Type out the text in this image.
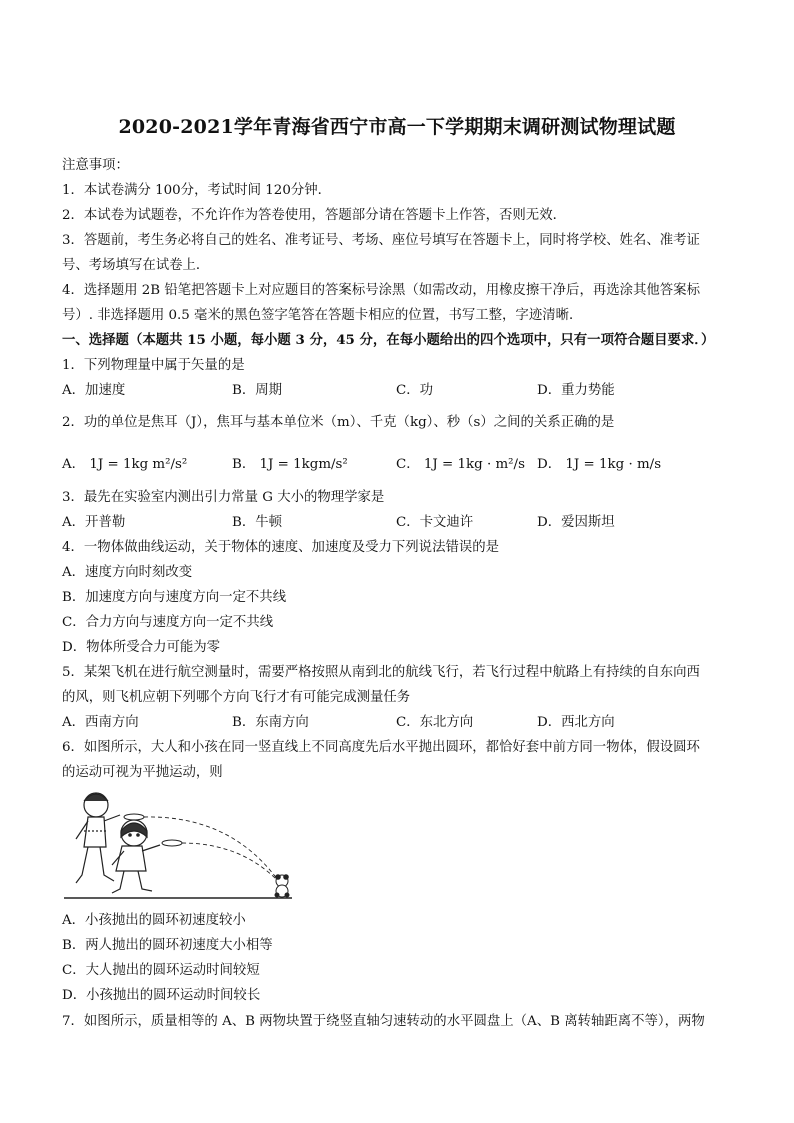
2020-2021学年青海省西宁市高一下学期期末调研测试物理试题
注意事项：
1．本试卷满分 100分，考试时间 120分钟．
2．本试卷为试题卷，不允许作为答卷使用，答题部分请在答题卡上作答，否则无效．
3．答题前，考生务必将自己的姓名、准考证号、考场、座位号填写在答题卡上，同时将学校、姓名、准考证
号、考场填写在试卷上．
4．选择题用 2B 铅笔把答题卡上对应题目的答案标号涂黑（如需改动，用橡皮擦干净后，再选涂其他答案标
号）. 非选择题用 0.5 毫米的黑色签字笔答在答题卡相应的位置，书写工整，字迹清晰．
一、选择题（本题共 15 小题，每小题 3 分，45 分，在每小题给出的四个选项中，只有一项符合题目要求．）
1．下列物理量中属于矢量的是
A．加速度	B．周期	C．功	D．重力势能
2．功的单位是焦耳（J），焦耳与基本单位米（m）、千克（kg）、秒（s）之间的关系正确的是
A． 1J = 1kg m²/s²	B． 1J = 1kgm/s²	C． 1J = 1kg · m²/s D． 1J = 1kg · m/s
3．最先在实验室内测出引力常量 G 大小的物理学家是
A．开普勒	B．牛顿	C．卡文迪许	D．爱因斯坦
4．一物体做曲线运动，关于物体的速度、加速度及受力下列说法错误的是
A．速度方向时刻改变
B．加速度方向与速度方向一定不共线
C．合力方向与速度方向一定不共线
D．物体所受合力可能为零
5．某架飞机在进行航空测量时，需要严格按照从南到北的航线飞行，若飞行过程中航路上有持续的自东向西
的风，则飞机应朝下列哪个方向飞行才有可能完成测量任务
A．西南方向	B．东南方向	C．东北方向	D．西北方向
6．如图所示，大人和小孩在同一竖直线上不同高度先后水平抛出圆环，都恰好套中前方同一物体，假设圆环
的运动可视为平抛运动，则
A．小孩抛出的圆环初速度较小
B．两人抛出的圆环初速度大小相等
C．大人抛出的圆环运动时间较短
D．小孩抛出的圆环运动时间较长
7．如图所示，质量相等的 A、B 两物块置于绕竖直轴匀速转动的水平圆盘上（A、B 离转轴距离不等），两物
